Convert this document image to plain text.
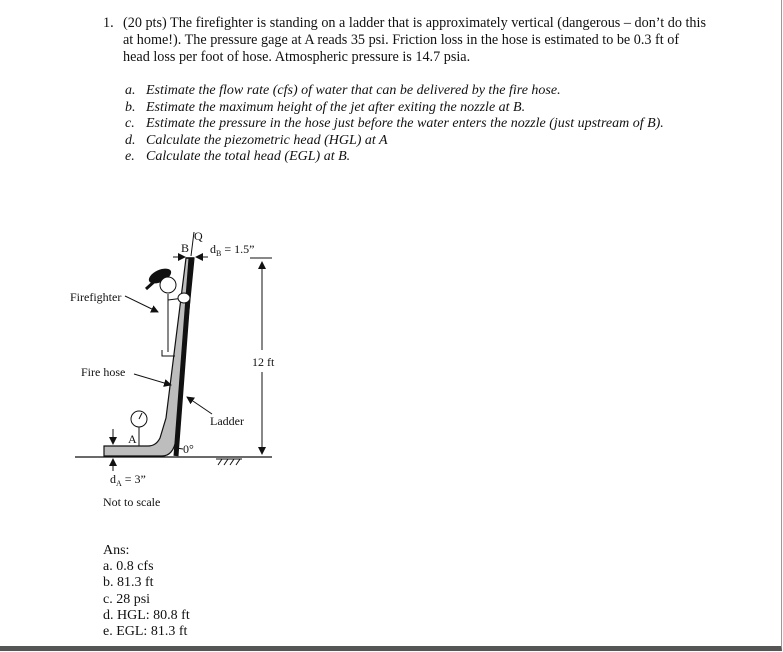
1. (20 pts) The firefighter is standing on a ladder that is approximately vertical (dangerous – don’t do this at home!). The pressure gage at A reads 35 psi. Friction loss in the hose is estimated to be 0.3 ft of head loss per foot of hose. Atmospheric pressure is 14.7 psia.
a. Estimate the flow rate (cfs) of water that can be delivered by the fire hose.
b. Estimate the maximum height of the jet after exiting the nozzle at B.
c. Estimate the pressure in the hose just before the water enters the nozzle (just upstream of B).
d. Calculate the piezometric head (HGL) at A
e. Calculate the total head (EGL) at B.
Q
B $d_B = 1.5$”
12 ft
Firefighter
Fire hose
Ladder
A
0°
$d_A = 3$”
Not to scale
Ans:
a. 0.8 cfs
b. 81.3 ft
c. 28 psi
d. HGL: 80.8 ft
e. EGL: 81.3 ft
